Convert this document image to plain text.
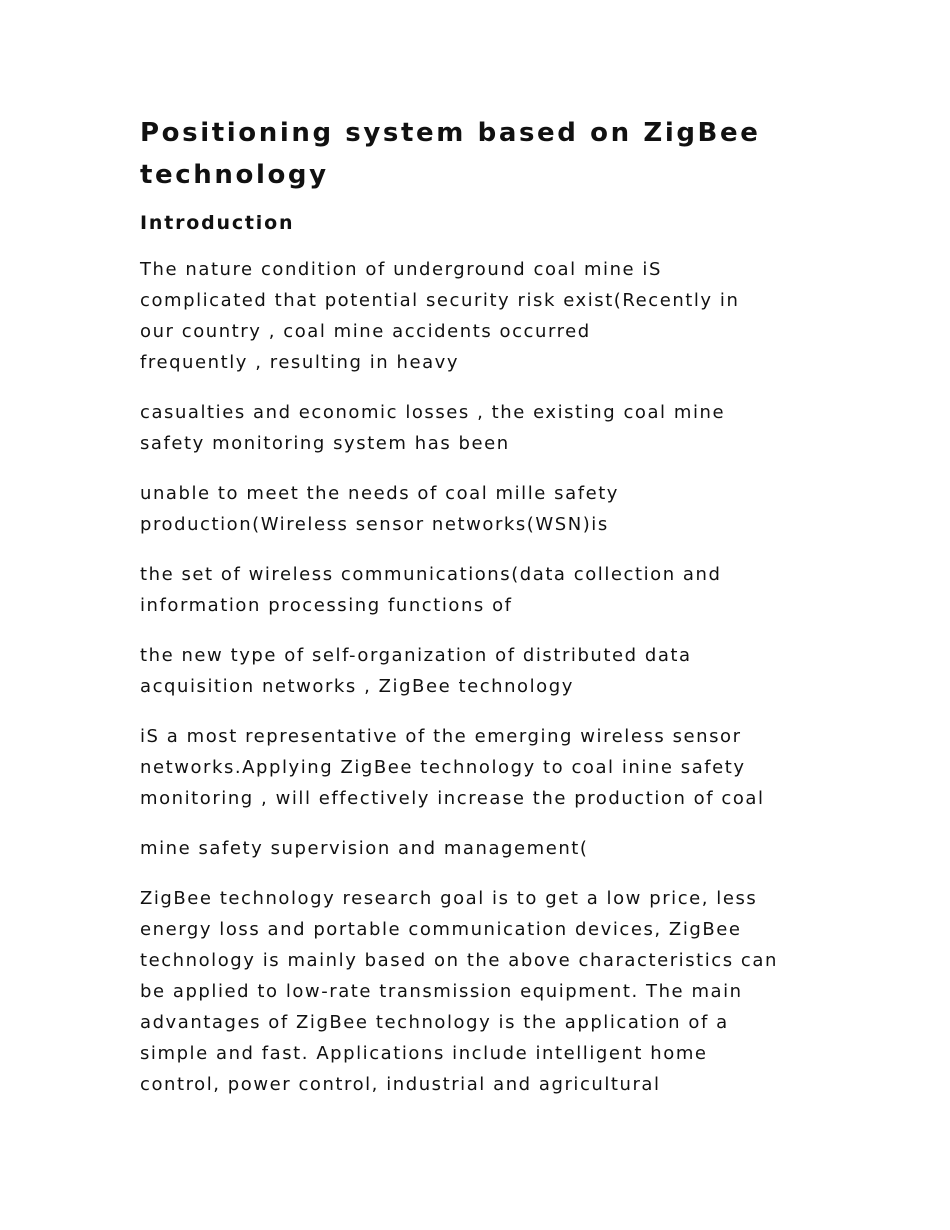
Positioning system based on ZigBee
technology
Introduction

The nature condition of underground coal mine iS
complicated that potential security risk exist(Recently in
our country , coal mine accidents occurred
frequently , resulting in heavy

casualties and economic losses , the existing coal mine
safety monitoring system has been

unable to meet the needs of coal mille safety
production(Wireless sensor networks(WSN)is

the set of wireless communications(data collection and
information processing functions of

the new type of self-organization of distributed data
acquisition networks , ZigBee technology

iS a most representative of the emerging wireless sensor
networks.Applying ZigBee technology to coal inine safety
monitoring , will effectively increase the production of coal

mine safety supervision and management(

ZigBee technology research goal is to get a low price, less
energy loss and portable communication devices, ZigBee
technology is mainly based on the above characteristics can
be applied to low-rate transmission equipment. The main
advantages of ZigBee technology is the application of a
simple and fast. Applications include intelligent home
control, power control, industrial and agricultural
